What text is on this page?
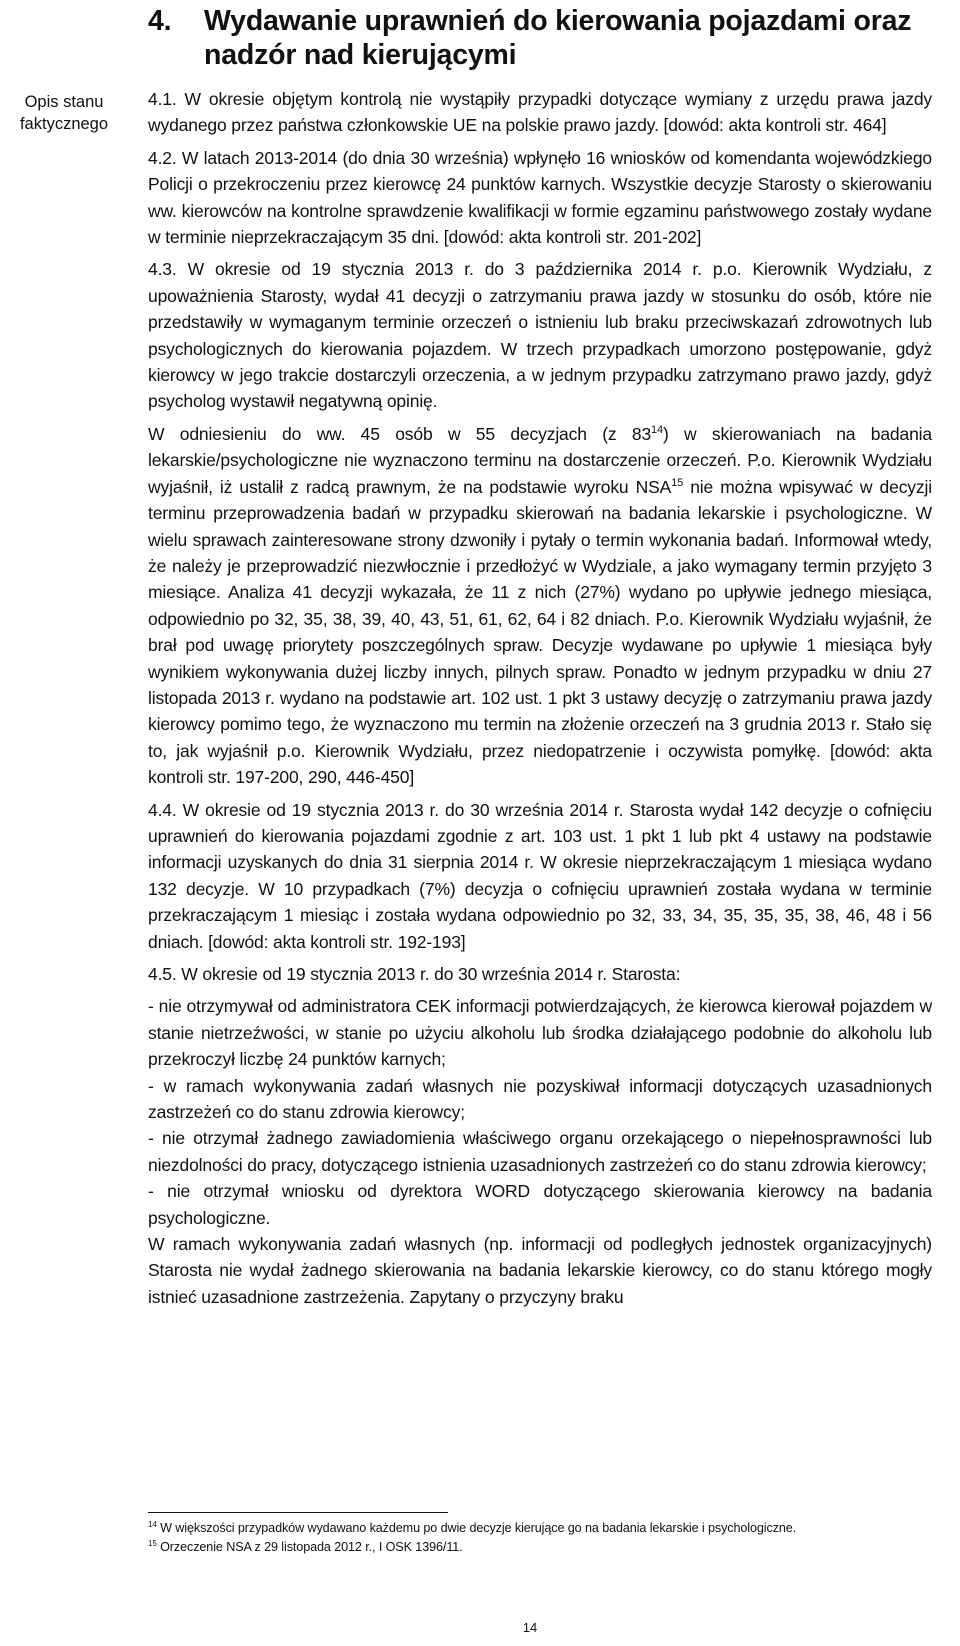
Opis stanu
faktycznego
4. Wydawanie uprawnień do kierowania pojazdami oraz
nadzór nad kierującymi

4.1. W okresie objętym kontrolą nie wystąpiły przypadki dotyczące wymiany z urzędu prawa jazdy wydanego przez państwa członkowskie UE na polskie prawo jazdy. [dowód: akta kontroli str. 464]

4.2. W latach 2013-2014 (do dnia 30 września) wpłynęło 16 wniosków od komendanta wojewódzkiego Policji o przekroczeniu przez kierowcę 24 punktów karnych. Wszystkie decyzje Starosty o skierowaniu ww. kierowców na kontrolne sprawdzenie kwalifikacji w formie egzaminu państwowego zostały wydane w terminie nieprzekraczającym 35 dni. [dowód: akta kontroli str. 201-202]

4.3. W okresie od 19 stycznia 2013 r. do 3 października 2014 r. p.o. Kierownik Wydziału, z upoważnienia Starosty, wydał 41 decyzji o zatrzymaniu prawa jazdy w stosunku do osób, które nie przedstawiły w wymaganym terminie orzeczeń o istnieniu lub braku przeciwskazań zdrowotnych lub psychologicznych do kierowania pojazdem. W trzech przypadkach umorzono postępowanie, gdyż kierowcy w jego trakcie dostarczyli orzeczenia, a w jednym przypadku zatrzymano prawo jazdy, gdyż psycholog wystawił negatywną opinię.

W odniesieniu do ww. 45 osób w 55 decyzjach (z $83^{14}$) w skierowaniach na badania lekarskie/psychologiczne nie wyznaczono terminu na dostarczenie orzeczeń. P.o. Kierownik Wydziału wyjaśnił, iż ustalił z radcą prawnym, że na podstawie wyroku NSA$^{15}$ nie można wpisywać w decyzji terminu przeprowadzenia badań w przypadku skierowań na badania lekarskie i psychologiczne. W wielu sprawach zainteresowane strony dzwoniły i pytały o termin wykonania badań. Informował wtedy, że należy je przeprowadzić niezwłocznie i przedłożyć w Wydziale, a jako wymagany termin przyjęto 3 miesiące. Analiza 41 decyzji wykazała, że 11 z nich (27%) wydano po upływie jednego miesiąca, odpowiednio po 32, 35, 38, 39, 40, 43, 51, 61, 62, 64 i 82 dniach. P.o. Kierownik Wydziału wyjaśnił, że brał pod uwagę priorytety poszczególnych spraw. Decyzje wydawane po upływie 1 miesiąca były wynikiem wykonywania dużej liczby innych, pilnych spraw. Ponadto w jednym przypadku w dniu 27 listopada 2013 r. wydano na podstawie art. 102 ust. 1 pkt 3 ustawy decyzję o zatrzymaniu prawa jazdy kierowcy pomimo tego, że wyznaczono mu termin na złożenie orzeczeń na 3 grudnia 2013 r. Stało się to, jak wyjaśnił p.o. Kierownik Wydziału, przez niedopatrzenie i oczywista pomyłkę. [dowód: akta kontroli str. 197-200, 290, 446-450]

4.4. W okresie od 19 stycznia 2013 r. do 30 września 2014 r. Starosta wydał 142 decyzje o cofnięciu uprawnień do kierowania pojazdami zgodnie z art. 103 ust. 1 pkt 1 lub pkt 4 ustawy na podstawie informacji uzyskanych do dnia 31 sierpnia 2014 r. W okresie nieprzekraczającym 1 miesiąca wydano 132 decyzje. W 10 przypadkach (7%) decyzja o cofnięciu uprawnień została wydana w terminie przekraczającym 1 miesiąc i została wydana odpowiednio po 32, 33, 34, 35, 35, 35, 38, 46, 48 i 56 dniach. [dowód: akta kontroli str. 192-193]

4.5. W okresie od 19 stycznia 2013 r. do 30 września 2014 r. Starosta:

- nie otrzymywał od administratora CEK informacji potwierdzających, że kierowca kierował pojazdem w stanie nietrzeźwości, w stanie po użyciu alkoholu lub środka działającego podobnie do alkoholu lub przekroczył liczbę 24 punktów karnych;

- w ramach wykonywania zadań własnych nie pozyskiwał informacji dotyczących uzasadnionych zastrzeżeń co do stanu zdrowia kierowcy;

- nie otrzymał żadnego zawiadomienia właściwego organu orzekającego o niepełnosprawności lub niezdolności do pracy, dotyczącego istnienia uzasadnionych zastrzeżeń co do stanu zdrowia kierowcy;

- nie otrzymał wniosku od dyrektora WORD dotyczącego skierowania kierowcy na badania psychologiczne.

W ramach wykonywania zadań własnych (np. informacji od podległych jednostek organizacyjnych) Starosta nie wydał żadnego skierowania na badania lekarskie kierowcy, co do stanu którego mogły istnieć uzasadnione zastrzeżenia. Zapytany o przyczyny braku

$^{14}$ W większości przypadków wydawano każdemu po dwie decyzje kierujące go na badania lekarskie i psychologiczne.

$^{15}$ Orzeczenie NSA z 29 listopada 2012 r., I OSK 1396/11.

14
